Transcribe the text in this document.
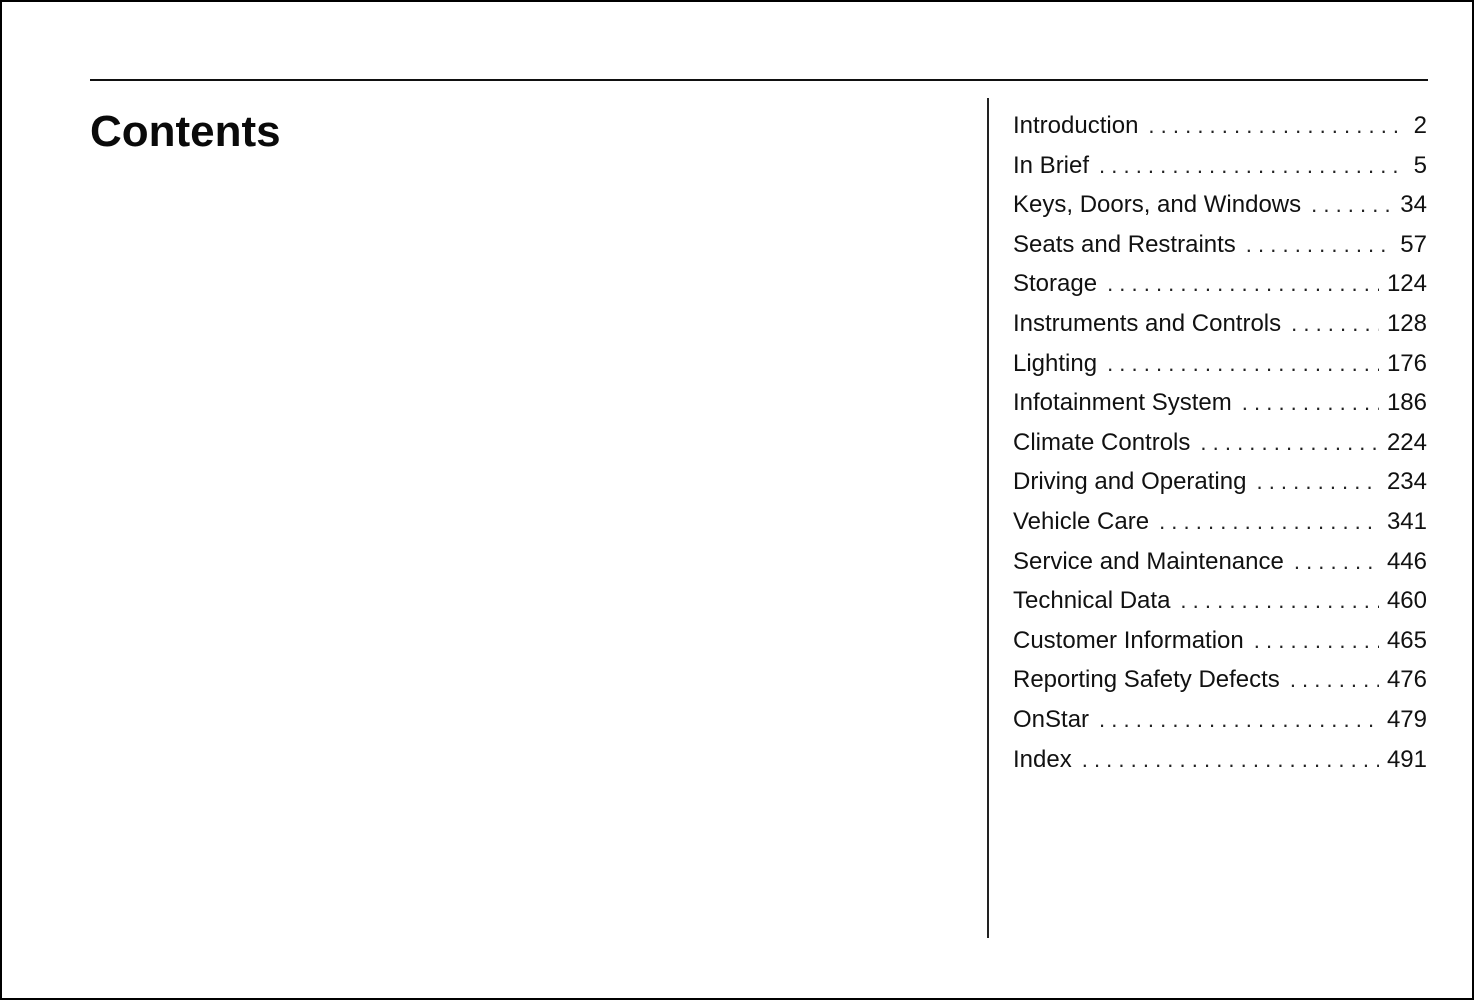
Contents	Introduction . . .	2
In Brief . . .	5
Keys, Doors, and Windows . . .	34
Seats and Restraints . . .	57
Storage . . .	124
Instruments and Controls . . .	128
Lighting . . .	176
Infotainment System . . .	186
Climate Controls . . .	224
Driving and Operating . . .	234
Vehicle Care . . .	341
Service and Maintenance . . .	446
Technical Data . . .	460
Customer Information . . .	465
Reporting Safety Defects . . .	476
OnStar . . .	479
Index . . .	491
